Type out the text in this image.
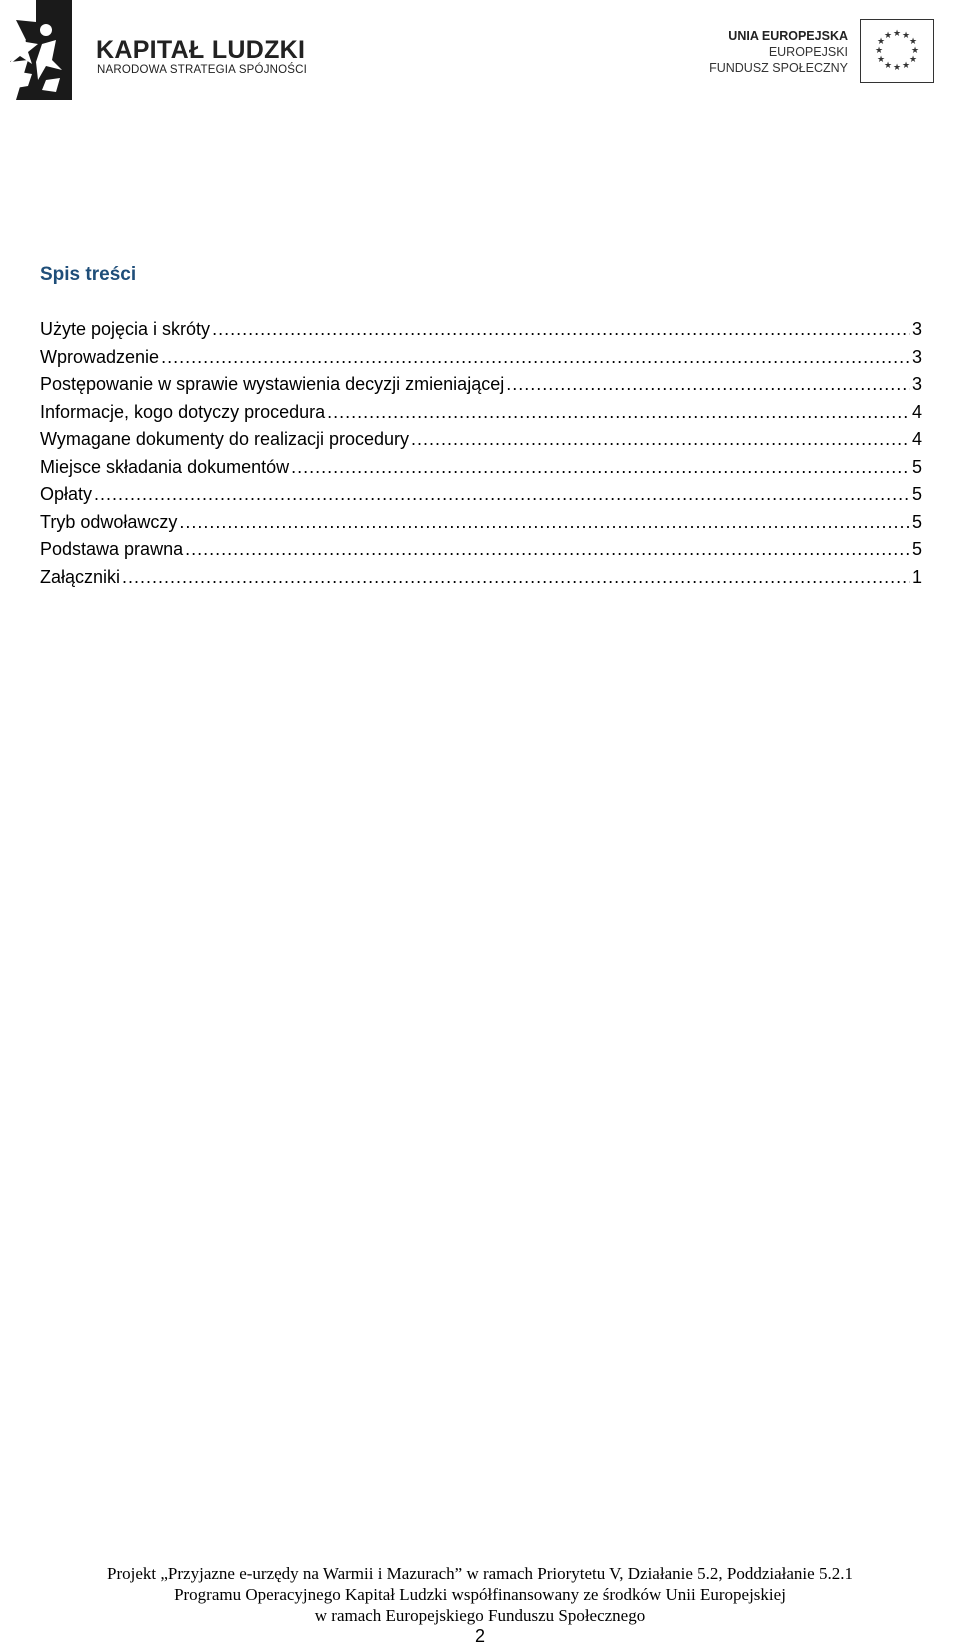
KAPITAŁ LUDZKI
NARODOWA STRATEGIA SPÓJNOŚCI
UNIA EUROPEJSKA
EUROPEJSKI
FUNDUSZ SPOŁECZNY
★ ★
★
★
★
★
★
★
★
★
★
★
Spis treści
Użyte pojęcia i skróty .....	3
Wprowadzenie .....	3
Postępowanie w sprawie wystawienia decyzji zmieniającej .....	3
Informacje, kogo dotyczy procedura .....	4
Wymagane dokumenty do realizacji procedury .....	4
Miejsce składania dokumentów .....	5
Opłaty .....	5
Tryb odwoławczy .....	5
Podstawa prawna .....	5
Załączniki .....	1
Projekt „Przyjazne e-urzędy na Warmii i Mazurach” w ramach Priorytetu V, Działanie 5.2, Poddziałanie 5.2.1
Programu Operacyjnego Kapitał Ludzki współfinansowany ze środków Unii Europejskiej
w ramach Europejskiego Funduszu Społecznego
2
